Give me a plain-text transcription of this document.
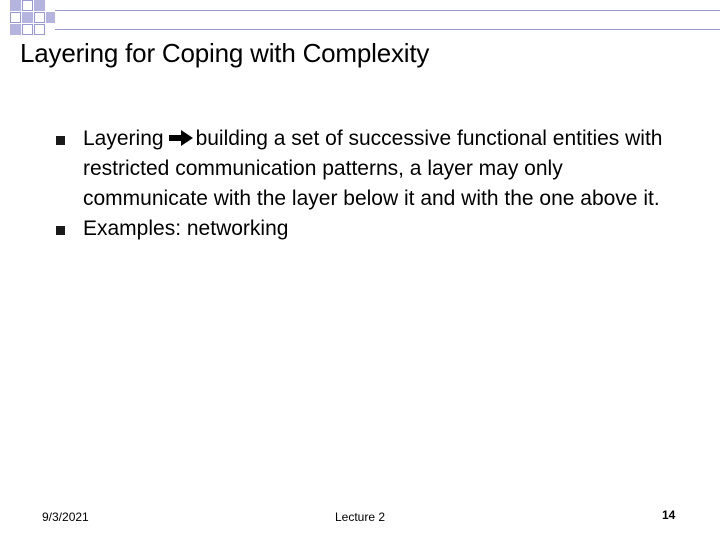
Layering for Coping with Complexity
Layering building a set of successive functional entities with restricted communication patterns, a layer may only communicate with the layer below it and with the one above it.
Examples: networking
9/3/2021	Lecture 2	14
